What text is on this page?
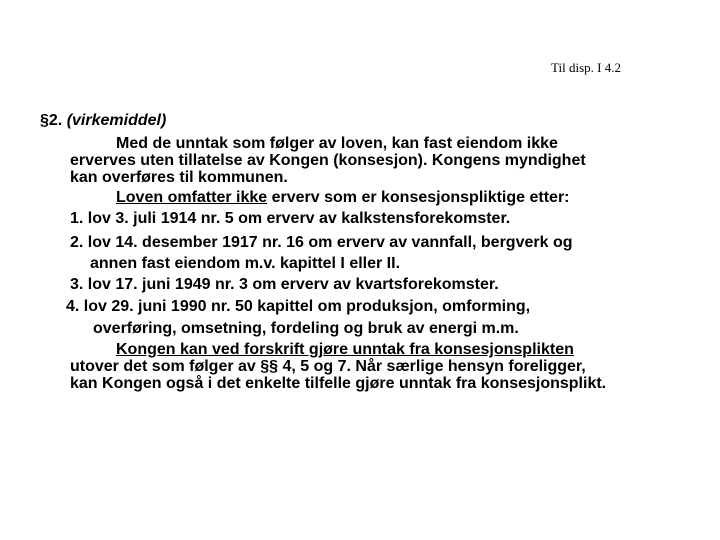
Til disp. I 4.2
§2. (virkemiddel)
Med de unntak som følger av loven, kan fast eiendom ikke
erverves uten tillatelse av Kongen (konsesjon). Kongens myndighet
kan overføres til kommunen.
Loven omfatter ikke erverv som er konsesjonspliktige etter:
1. lov 3. juli 1914 nr. 5 om erverv av kalkstensforekomster.
2. lov 14. desember 1917 nr. 16 om erverv av vannfall, bergverk og
annen fast eiendom m.v. kapittel I eller II.
3. lov 17. juni 1949 nr. 3 om erverv av kvartsforekomster.
4. lov 29. juni 1990 nr. 50 kapittel om produksjon, omforming,
overføring, omsetning, fordeling og bruk av energi m.m.
Kongen kan ved forskrift gjøre unntak fra konsesjonsplikten
utover det som følger av §§ 4, 5 og 7. Når særlige hensyn foreligger,
kan Kongen også i det enkelte tilfelle gjøre unntak fra konsesjonsplikt.
